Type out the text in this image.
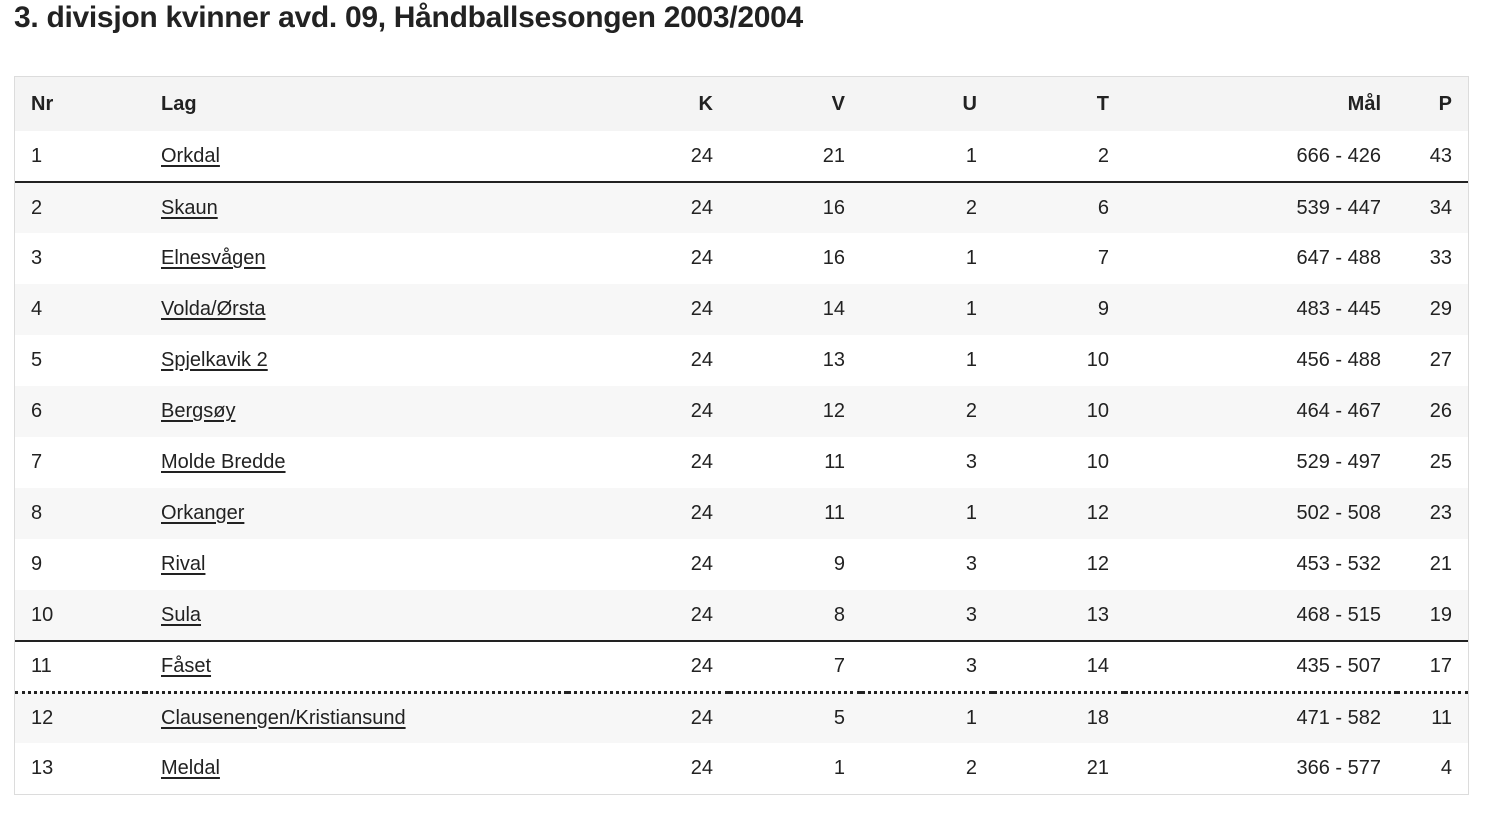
3. divisjon kvinner avd. 09, Håndballsesongen 2003/2004
Nr	Lag	K	V	U	T	Mål	P
1	Orkdal	24	21	1	2	666 - 426	43
2	Skaun	24	16	2	6	539 - 447	34
3	Elnesvågen	24	16	1	7	647 - 488	33
4	Volda/Ørsta	24	14	1	9	483 - 445	29
5	Spjelkavik 2	24	13	1	10	456 - 488	27
6	Bergsøy	24	12	2	10	464 - 467	26
7	Molde Bredde	24	11	3	10	529 - 497	25
8	Orkanger	24	11	1	12	502 - 508	23
9	Rival	24	9	3	12	453 - 532	21
10	Sula	24	8	3	13	468 - 515	19
11	Fåset	24	7	3	14	435 - 507	17
12	Clausenengen/Kristiansund	24	5	1	18	471 - 582	11
13	Meldal	24	1	2	21	366 - 577	4
